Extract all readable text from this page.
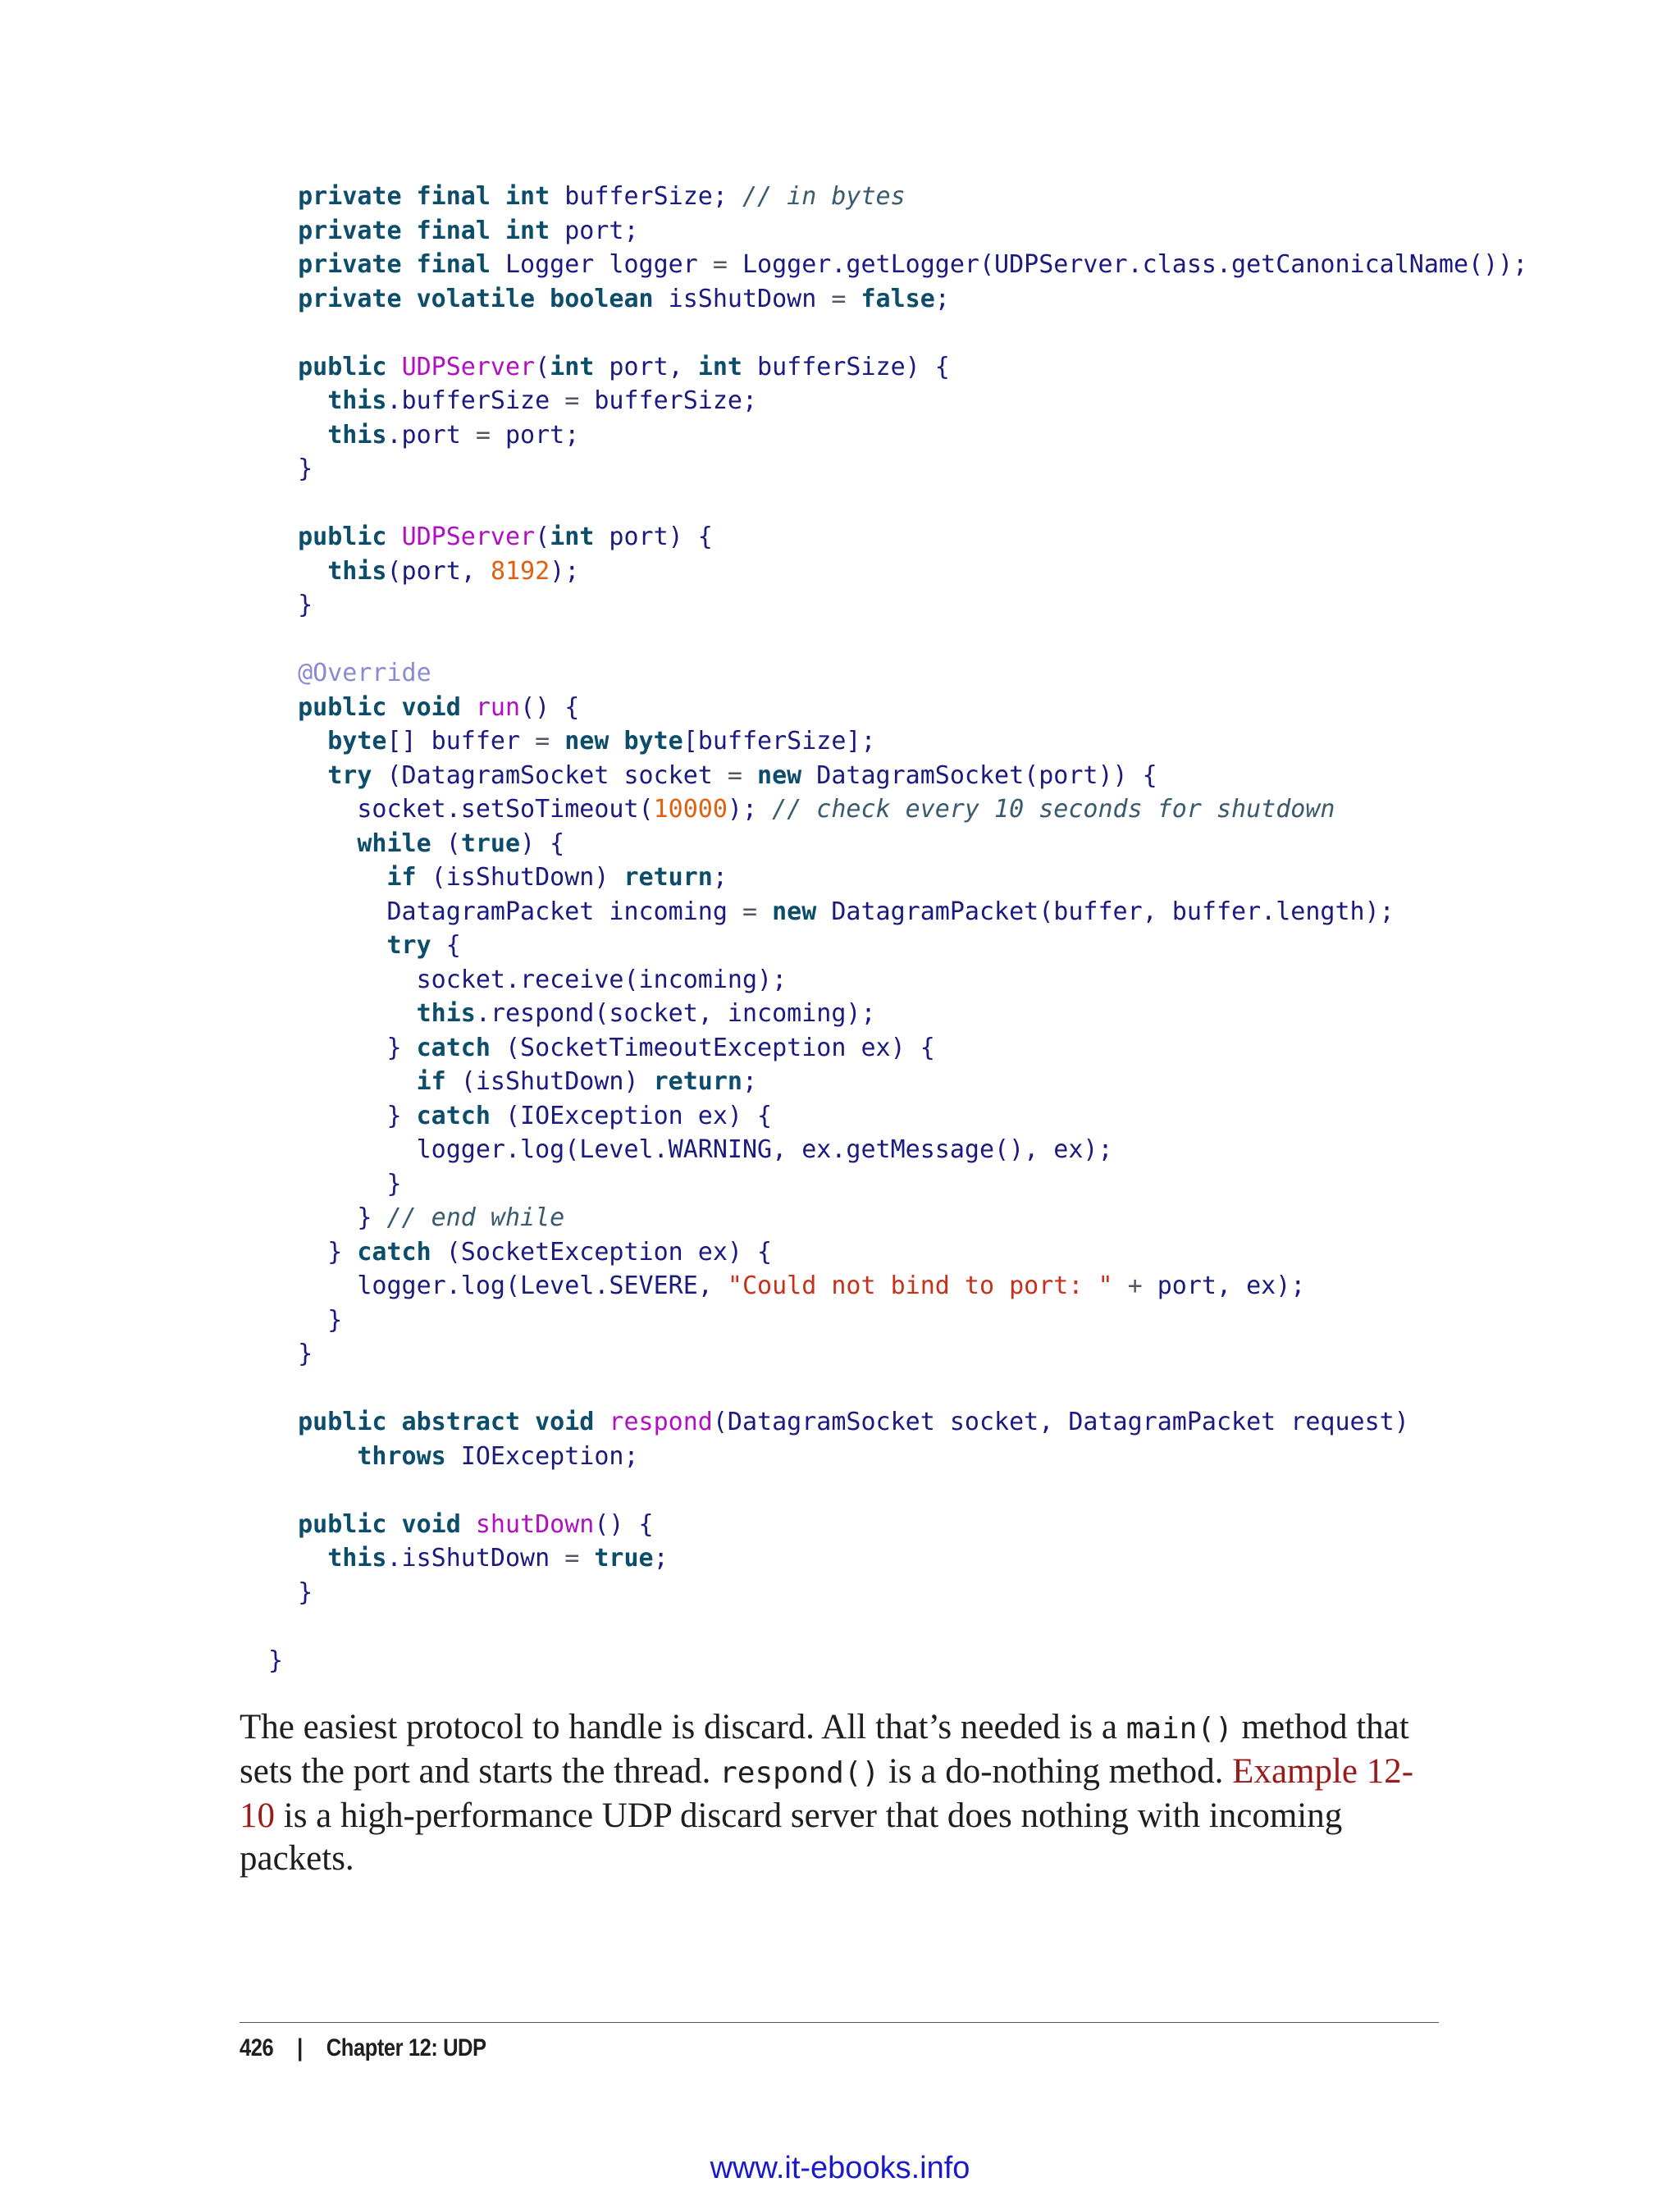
private final int bufferSize; // in bytes
private final int port;
private final Logger logger = Logger.getLogger(UDPServer.class.getCanonicalName());
private volatile boolean isShutDown = false;

public UDPServer(int port, int bufferSize) {
this.bufferSize = bufferSize;
this.port = port;
}

public UDPServer(int port) {
this(port, 8192);
}

@Override
public void run() {
byte[] buffer = new byte[bufferSize];
try (DatagramSocket socket = new DatagramSocket(port)) {
socket.setSoTimeout(10000); // check every 10 seconds for shutdown
while (true) {
if (isShutDown) return;
DatagramPacket incoming = new DatagramPacket(buffer, buffer.length);
try {
socket.receive(incoming);
this.respond(socket, incoming);
} catch (SocketTimeoutException ex) {
if (isShutDown) return;
} catch (IOException ex) {
logger.log(Level.WARNING, ex.getMessage(), ex);
}
} // end while
} catch (SocketException ex) {
logger.log(Level.SEVERE, "Could not bind to port: " + port, ex);
}
}

public abstract void respond(DatagramSocket socket, DatagramPacket request)
throws IOException;

public void shutDown() {
this.isShutDown = true;
}

}

The easiest protocol to handle is discard. All that’s needed is a main() method that sets the port and starts the thread. respond() is a do-nothing method. Example 12-10 is a high-performance UDP discard server that does nothing with incoming packets.

426 | Chapter 12: UDP
www.it-ebooks.info
